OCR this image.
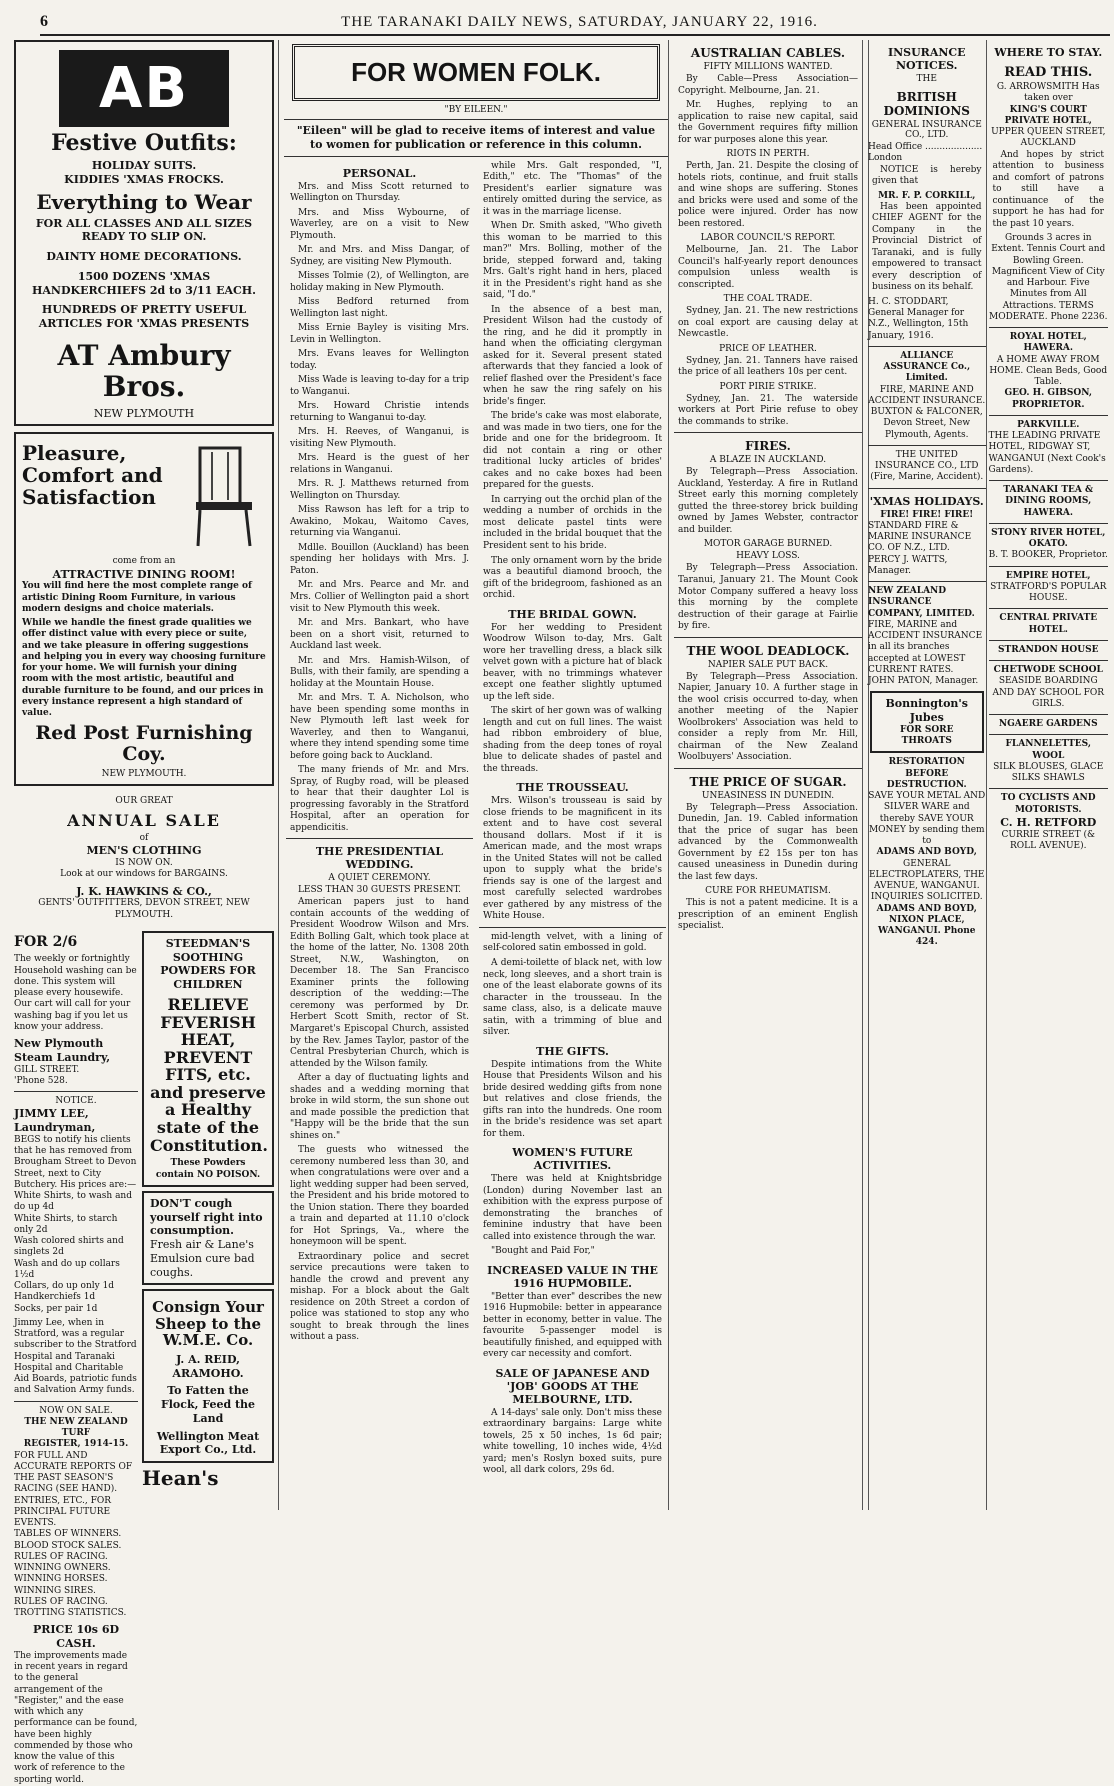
6	THE TARANAKI DAILY NEWS, SATURDAY, JANUARY 22, 1916.
AB
Festive Outfits:
HOLIDAY SUITS.
KIDDIES 'XMAS FROCKS.
Everything to Wear
FOR ALL CLASSES AND ALL SIZES READY TO SLIP ON.
DAINTY HOME DECORATIONS.
1500 DOZENS 'XMAS HANDKERCHIEFS 2d to 3/11 EACH.
HUNDREDS OF PRETTY USEFUL ARTICLES FOR 'XMAS PRESENTS
AT Ambury Bros.
NEW PLYMOUTH
Pleasure, Comfort and Satisfaction
come from an
ATTRACTIVE DINING ROOM!
You will find here the most complete range of artistic Dining Room Furniture, in various modern designs and choice materials.
While we handle the finest grade qualities we offer distinct value with every piece or suite, and we take pleasure in offering suggestions and helping you in every way choosing furniture for your home. We will furnish your dining room with the most artistic, beautiful and durable furniture to be found, and our prices in every instance represent a high standard of value.
Red Post Furnishing Coy.
NEW PLYMOUTH.
OUR GREAT
ANNUAL SALE
of
MEN'S CLOTHING
IS NOW ON.
Look at our windows for BARGAINS.
J. K. HAWKINS & CO.,
GENTS' OUTFITTERS, DEVON STREET, NEW PLYMOUTH.
FOR 2/6
The weekly or fortnightly Household washing can be done. This system will please every housewife. Our cart will call for your washing bag if you let us know your address.
New Plymouth Steam Laundry,
GILL STREET.
'Phone 528.
NOTICE.
JIMMY LEE, Laundryman,
BEGS to notify his clients that he has removed from Brougham Street to Devon Street, next to City Butchery. His prices are:—
White Shirts, to wash and do up 4d
White Shirts, to starch only 2d
Wash colored shirts and singlets 2d
Wash and do up collars 1½d
Collars, do up only 1d
Handkerchiefs 1d
Socks, per pair 1d
Jimmy Lee, when in Stratford, was a regular subscriber to the Stratford Hospital and Taranaki Hospital and Charitable Aid Boards, patriotic funds and Salvation Army funds.
NOW ON SALE.
THE NEW ZEALAND TURF
REGISTER, 1914-15.
FOR FULL AND ACCURATE REPORTS OF THE PAST SEASON'S RACING (SEE HAND).
ENTRIES, ETC., FOR PRINCIPAL FUTURE EVENTS.
TABLES OF WINNERS.
BLOOD STOCK SALES.
RULES OF RACING.
WINNING OWNERS.
WINNING HORSES.
WINNING SIRES.
RULES OF RACING.
TROTTING STATISTICS.
PRICE 10s 6D CASH.
The improvements made in recent years in regard to the general arrangement of the "Register," and the ease with which any performance can be found, have been highly commended by those who know the value of this work of reference to the sporting world.
STEEDMAN'S SOOTHING POWDERS FOR CHILDREN
RELIEVE FEVERISH HEAT, PREVENT FITS, etc. and preserve a Healthy state of the Constitution.
These Powders contain NO POISON.
DON'T cough yourself right into consumption.
Fresh air & Lane's Emulsion cure bad coughs.
Consign Your Sheep to the W.M.E. Co.
J. A. REID, ARAMOHO.
To Fatten the Flock, Feed the Land
Wellington Meat Export Co., Ltd.
Hean's
FOR WOMEN FOLK.
"BY EILEEN."
"Eileen" will be glad to receive items of interest and value to women for publication or reference in this column.
PERSONAL.
Mrs. and Miss Scott returned to Wellington on Thursday.
Mrs. and Miss Wybourne, of Waverley, are on a visit to New Plymouth.
Mr. and Mrs. and Miss Dangar, of Sydney, are visiting New Plymouth.
Misses Tolmie (2), of Wellington, are holiday making in New Plymouth.
Miss Bedford returned from Wellington last night.
Miss Ernie Bayley is visiting Mrs. Levin in Wellington.
Mrs. Evans leaves for Wellington today.
Miss Wade is leaving to-day for a trip to Wanganui.
Mrs. Howard Christie intends returning to Wanganui to-day.
Mrs. H. Reeves, of Wanganui, is visiting New Plymouth.
Mrs. Heard is the guest of her relations in Wanganui.
Mrs. R. J. Matthews returned from Wellington on Thursday.
Miss Rawson has left for a trip to Awakino, Mokau, Waitomo Caves, returning via Wanganui.
Mdlle. Bouillon (Auckland) has been spending her holidays with Mrs. J. Paton.
Mr. and Mrs. Pearce and Mr. and Mrs. Collier of Wellington paid a short visit to New Plymouth this week.
Mr. and Mrs. Bankart, who have been on a short visit, returned to Auckland last week.
Mr. and Mrs. Hamish-Wilson, of Bulls, with their family, are spending a holiday at the Mountain House.
Mr. and Mrs. T. A. Nicholson, who have been spending some months in New Plymouth left last week for Waverley, and then to Wanganui, where they intend spending some time before going back to Auckland.
The many friends of Mr. and Mrs. Spray, of Rugby road, will be pleased to hear that their daughter Lol is progressing favorably in the Stratford Hospital, after an operation for appendicitis.
THE PRESIDENTIAL WEDDING.
A QUIET CEREMONY.
LESS THAN 30 GUESTS PRESENT.
American papers just to hand contain accounts of the wedding of President Woodrow Wilson and Mrs. Edith Bolling Galt, which took place at the home of the latter, No. 1308 20th Street, N.W., Washington, on December 18. The San Francisco Examiner prints the following description of the wedding:—The ceremony was performed by Dr. Herbert Scott Smith, rector of St. Margaret's Episcopal Church, assisted by the Rev. James Taylor, pastor of the Central Presbyterian Church, which is attended by the Wilson family.
After a day of fluctuating lights and shades and a wedding morning that broke in wild storm, the sun shone out and made possible the prediction that "Happy will be the bride that the sun shines on."
The guests who witnessed the ceremony numbered less than 30, and when congratulations were over and a light wedding supper had been served, the President and his bride motored to the Union station. There they boarded a train and departed at 11.10 o'clock for Hot Springs, Va., where the honeymoon will be spent.
Extraordinary police and secret service precautions were taken to handle the crowd and prevent any mishap. For a block about the Galt residence on 20th Street a cordon of police was stationed to stop any who sought to break through the lines without a pass.
while Mrs. Galt responded, "I, Edith," etc. The "Thomas" of the President's earlier signature was entirely omitted during the service, as it was in the marriage license.
When Dr. Smith asked, "Who giveth this woman to be married to this man?" Mrs. Bolling, mother of the bride, stepped forward and, taking Mrs. Galt's right hand in hers, placed it in the President's right hand as she said, "I do."
In the absence of a best man, President Wilson had the custody of the ring, and he did it promptly in hand when the officiating clergyman asked for it. Several present stated afterwards that they fancied a look of relief flashed over the President's face when he saw the ring safely on his bride's finger.
The bride's cake was most elaborate, and was made in two tiers, one for the bride and one for the bridegroom. It did not contain a ring or other traditional lucky articles of brides' cakes and no cake boxes had been prepared for the guests.
In carrying out the orchid plan of the wedding a number of orchids in the most delicate pastel tints were included in the bridal bouquet that the President sent to his bride.
The only ornament worn by the bride was a beautiful diamond brooch, the gift of the bridegroom, fashioned as an orchid.
THE BRIDAL GOWN.
For her wedding to President Woodrow Wilson to-day, Mrs. Galt wore her travelling dress, a black silk velvet gown with a picture hat of black beaver, with no trimmings whatever except one feather slightly uptumed up the left side.
The skirt of her gown was of walking length and cut on full lines. The waist had ribbon embroidery of blue, shading from the deep tones of royal blue to delicate shades of pastel and the threads.
THE TROUSSEAU.
Mrs. Wilson's trousseau is said by close friends to be magnificent in its extent and to have cost several thousand dollars. Most if it is American made, and the most wraps in the United States will not be called upon to supply what the bride's friends say is one of the largest and most carefully selected wardrobes ever gathered by any mistress of the White House.
mid-length velvet, with a lining of self-colored satin embossed in gold.
A demi-toilette of black net, with low neck, long sleeves, and a short train is one of the least elaborate gowns of its character in the trousseau. In the same class, also, is a delicate mauve satin, with a trimming of blue and silver.
THE GIFTS.
Despite intimations from the White House that Presidents Wilson and his bride desired wedding gifts from none but relatives and close friends, the gifts ran into the hundreds. One room in the bride's residence was set apart for them.
WOMEN'S FUTURE ACTIVITIES.
There was held at Knightsbridge (London) during November last an exhibition with the express purpose of demonstrating the branches of feminine industry that have been called into existence through the war.
"Bought and Paid For,"
INCREASED VALUE IN THE 1916 HUPMOBILE.
"Better than ever" describes the new 1916 Hupmobile: better in appearance better in economy, better in value. The favourite 5-passenger model is beautifully finished, and equipped with every car necessity and comfort.
SALE OF JAPANESE AND 'JOB' GOODS AT THE MELBOURNE, LTD.
A 14-days' sale only. Don't miss these extraordinary bargains: Large white towels, 25 x 50 inches, 1s 6d pair; white towelling, 10 inches wide, 4½d yard; men's Roslyn boxed suits, pure wool, all dark colors, 29s 6d.
AUSTRALIAN CABLES.
FIFTY MILLIONS WANTED.
By Cable—Press Association—Copyright. Melbourne, Jan. 21.
Mr. Hughes, replying to an application to raise new capital, said the Government requires fifty million for war purposes alone this year.
RIOTS IN PERTH.
Perth, Jan. 21. Despite the closing of hotels riots, continue, and fruit stalls and wine shops are suffering. Stones and bricks were used and some of the police were injured. Order has now been restored.
LABOR COUNCIL'S REPORT.
Melbourne, Jan. 21. The Labor Council's half-yearly report denounces compulsion unless wealth is conscripted.
THE COAL TRADE.
Sydney, Jan. 21. The new restrictions on coal export are causing delay at Newcastle.
PRICE OF LEATHER.
Sydney, Jan. 21. Tanners have raised the price of all leathers 10s per cent.
PORT PIRIE STRIKE.
Sydney, Jan. 21. The waterside workers at Port Pirie refuse to obey the commands to strike.
FIRES.
A BLAZE IN AUCKLAND.
By Telegraph—Press Association. Auckland, Yesterday. A fire in Rutland Street early this morning completely gutted the three-storey brick building owned by James Webster, contractor and builder.
MOTOR GARAGE BURNED.
HEAVY LOSS.
By Telegraph—Press Association. Taranui, January 21. The Mount Cook Motor Company suffered a heavy loss this morning by the complete destruction of their garage at Fairlie by fire.
THE WOOL DEADLOCK.
NAPIER SALE PUT BACK.
By Telegraph—Press Association. Napier, January 10. A further stage in the wool crisis occurred to-day, when another meeting of the Napier Woolbrokers' Association was held to consider a reply from Mr. Hill, chairman of the New Zealand Woolbuyers' Association.
THE PRICE OF SUGAR.
UNEASINESS IN DUNEDIN.
By Telegraph—Press Association. Dunedin, Jan. 19. Cabled information that the price of sugar has been advanced by the Commonwealth Government by £2 15s per ton has caused uneasiness in Dunedin during the last few days.
CURE FOR RHEUMATISM.
This is not a patent medicine. It is a prescription of an eminent English specialist.
INSURANCE NOTICES.
THE
BRITISH DOMINIONS
GENERAL INSURANCE CO., LTD.
Head Office .................... London
NOTICE is hereby given that
MR. F. P. CORKILL,
Has been appointed CHIEF AGENT for the Company in the Provincial District of Taranaki, and is fully empowered to transact every description of business on its behalf.
H. C. STODDART, General Manager for N.Z., Wellington, 15th January, 1916.
ALLIANCE ASSURANCE Co., Limited.
FIRE, MARINE AND ACCIDENT INSURANCE.
BUXTON & FALCONER, Devon Street, New Plymouth, Agents.
THE UNITED INSURANCE CO., LTD (Fire, Marine, Accident).
'XMAS HOLIDAYS.
FIRE! FIRE! FIRE!
STANDARD FIRE & MARINE INSURANCE CO. OF N.Z., LTD.
PERCY J. WATTS, Manager.
NEW ZEALAND INSURANCE COMPANY, LIMITED.
FIRE, MARINE and ACCIDENT INSURANCE in all its branches accepted at LOWEST CURRENT RATES.
JOHN PATON, Manager.
Bonnington's Jubes
FOR SORE THROATS
RESTORATION BEFORE DESTRUCTION.
SAVE YOUR METAL AND SILVER WARE and thereby SAVE YOUR MONEY by sending them to
ADAMS AND BOYD,
GENERAL ELECTROPLATERS, THE AVENUE, WANGANUI.
INQUIRIES SOLICITED.
ADAMS AND BOYD, NIXON PLACE, WANGANUI. Phone 424.
WHERE TO STAY.
READ THIS.
G. ARROWSMITH Has taken over
KING'S COURT PRIVATE HOTEL,
UPPER QUEEN STREET, AUCKLAND
And hopes by strict attention to business and comfort of patrons to still have a continuance of the support he has had for the past 10 years.
Grounds 3 acres in Extent. Tennis Court and Bowling Green. Magnificent View of City and Harbour. Five Minutes from All Attractions. TERMS MODERATE. Phone 2236.
ROYAL HOTEL, HAWERA.
A HOME AWAY FROM HOME. Clean Beds, Good Table.
GEO. H. GIBSON, PROPRIETOR.
PARKVILLE.
THE LEADING PRIVATE HOTEL, RIDGWAY ST, WANGANUI (Next Cook's Gardens).
TARANAKI TEA & DINING ROOMS, HAWERA.
STONY RIVER HOTEL, OKATO.
B. T. BOOKER, Proprietor.
EMPIRE HOTEL,
STRATFORD'S POPULAR HOUSE.
CENTRAL PRIVATE HOTEL.
STRANDON HOUSE
CHETWODE SCHOOL
SEASIDE BOARDING AND DAY SCHOOL FOR GIRLS.
NGAERE GARDENS
FLANNELETTES, WOOL
SILK BLOUSES, GLACE SILKS SHAWLS
TO CYCLISTS AND MOTORISTS.
C. H. RETFORD
CURRIE STREET (& ROLL AVENUE).
